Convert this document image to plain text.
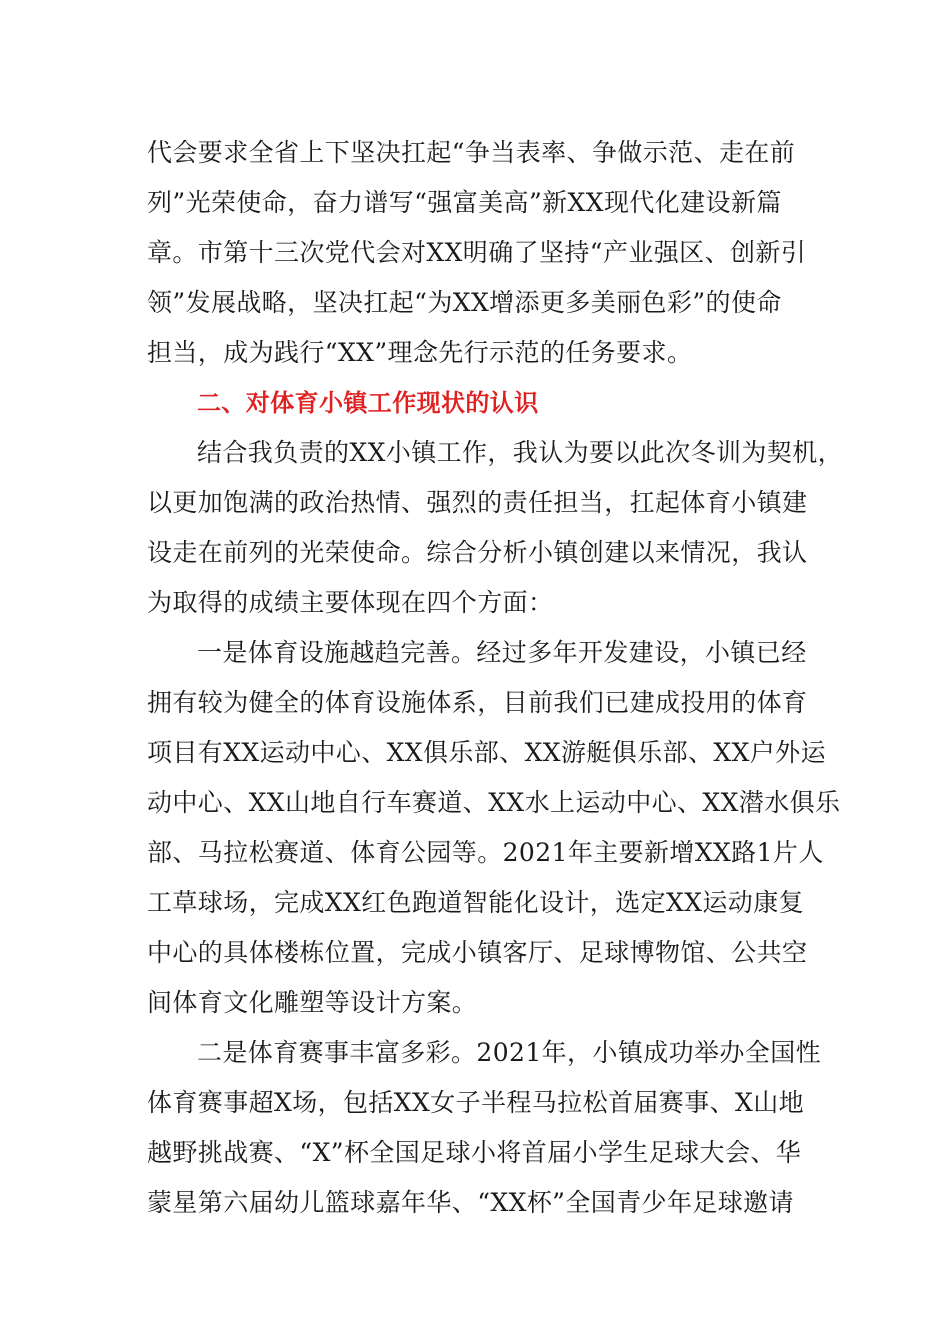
代会要求全省上下坚决扛起“争当表率、争做示范、走在前
列”光荣使命，奋力谱写“强富美高”新XX现代化建设新篇
章。市第十三次党代会对XX明确了坚持“产业强区、创新引
领”发展战略，坚决扛起“为XX增添更多美丽色彩”的使命
担当，成为践行“XX”理念先行示范的任务要求。
二、对体育小镇工作现状的认识
结合我负责的XX小镇工作，我认为要以此次冬训为契机，
以更加饱满的政治热情、强烈的责任担当，扛起体育小镇建
设走在前列的光荣使命。综合分析小镇创建以来情况，我认
为取得的成绩主要体现在四个方面：
一是体育设施越趋完善。经过多年开发建设，小镇已经
拥有较为健全的体育设施体系，目前我们已建成投用的体育
项目有XX运动中心、XX俱乐部、XX游艇俱乐部、XX户外运
动中心、XX山地自行车赛道、XX水上运动中心、XX潜水俱乐
部、马拉松赛道、体育公园等。2021年主要新增XX路1片人
工草球场，完成XX红色跑道智能化设计，选定XX运动康复
中心的具体楼栋位置，完成小镇客厅、足球博物馆、公共空
间体育文化雕塑等设计方案。
二是体育赛事丰富多彩。2021年，小镇成功举办全国性
体育赛事超X场，包括XX女子半程马拉松首届赛事、X山地
越野挑战赛、“X”杯全国足球小将首届小学生足球大会、华
蒙星第六届幼儿篮球嘉年华、“XX杯”全国青少年足球邀请
